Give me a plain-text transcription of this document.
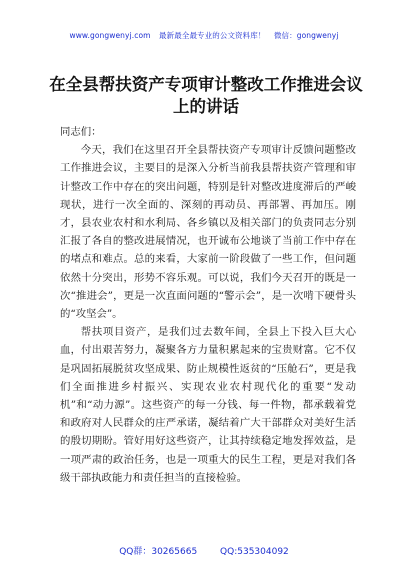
www.gongwenyj.com 最新最全最专业的公文资料库！ 微信：gongwenyj
在全县帮扶资产专项审计整改工作推进会议上的讲话

同志们：

今天，我们在这里召开全县帮扶资产专项审计反馈问题整改工作推进会议，主要目的是深入分析当前我县帮扶资产管理和审计整改工作中存在的突出问题，特别是针对整改进度滞后的严峻现状，进行一次全面的、深刻的再动员、再部署、再加压。刚才，县农业农村和水利局、各乡镇以及相关部门的负责同志分别汇报了各自的整改进展情况，也开诚布公地谈了当前工作中存在的堵点和难点。总的来看，大家前一阶段做了一些工作，但问题依然十分突出，形势不容乐观。可以说，我们今天召开的既是一次“推进会”，更是一次直面问题的“警示会”，是一次啃下硬骨头的“攻坚会”。

帮扶项目资产，是我们过去数年间，全县上下投入巨大心血，付出艰苦努力，凝聚各方力量积累起来的宝贵财富。它不仅是巩固拓展脱贫攻坚成果、防止规模性返贫的“压舱石”，更是我们全面推进乡村振兴、实现农业农村现代化的重要“发动机”和“动力源”。这些资产的每一分钱、每一件物，都承载着党和政府对人民群众的庄严承诺，凝结着广大干部群众对美好生活的殷切期盼。管好用好这些资产，让其持续稳定地发挥效益，是一项严肃的政治任务，也是一项重大的民生工程，更是对我们各级干部执政能力和责任担当的直接检验。

QQ群：30265665	QQ:535304092
